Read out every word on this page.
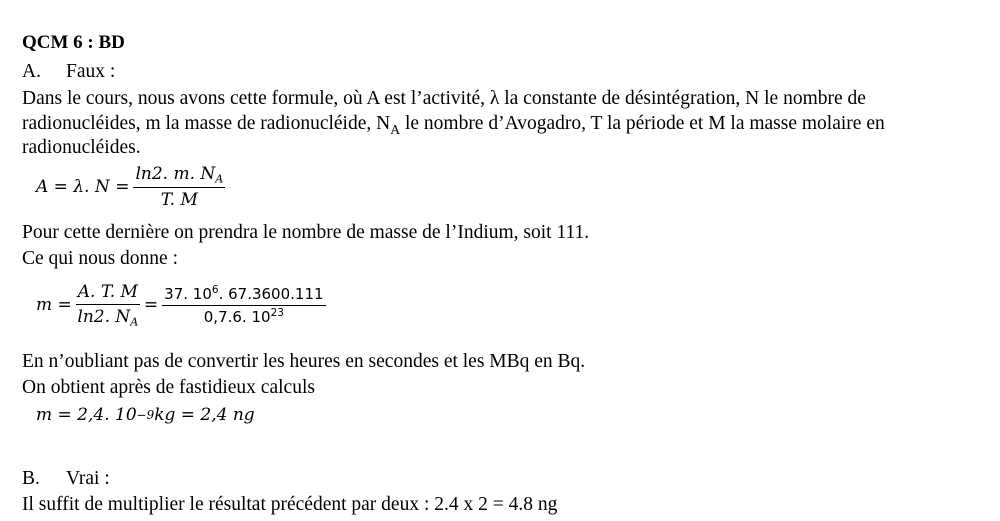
QCM 6 : BD
A. Faux :
Dans le cours, nous avons cette formule, où A est l’activité, λ la constante de désintégration, N le nombre de
radionucléides, m la masse de radionucléide, $N_A$ le nombre d’Avogadro, T la période et M la masse molaire en
radionucléides.
A = λ. $N = \frac{\ln 2. m. NA}{T. M}$
Pour cette dernière on prendra le nombre de masse de l’Indium, soit 111.
Ce qui nous donne :
$m = \frac{A. T. M}{\ln 2. NA} = \frac{37. 10^6. 67.3600.111}{0,7.6. 10^{23}}$
En n’oubliant pas de convertir les heures en secondes et les MBq en Bq.
On obtient après de fastidieux calculs
m = 2,4. 10 −9 kg = 2,4 ng
B. Vrai :
Il suffit de multiplier le résultat précédent par deux : 2.4 x 2 = 4.8 ng
